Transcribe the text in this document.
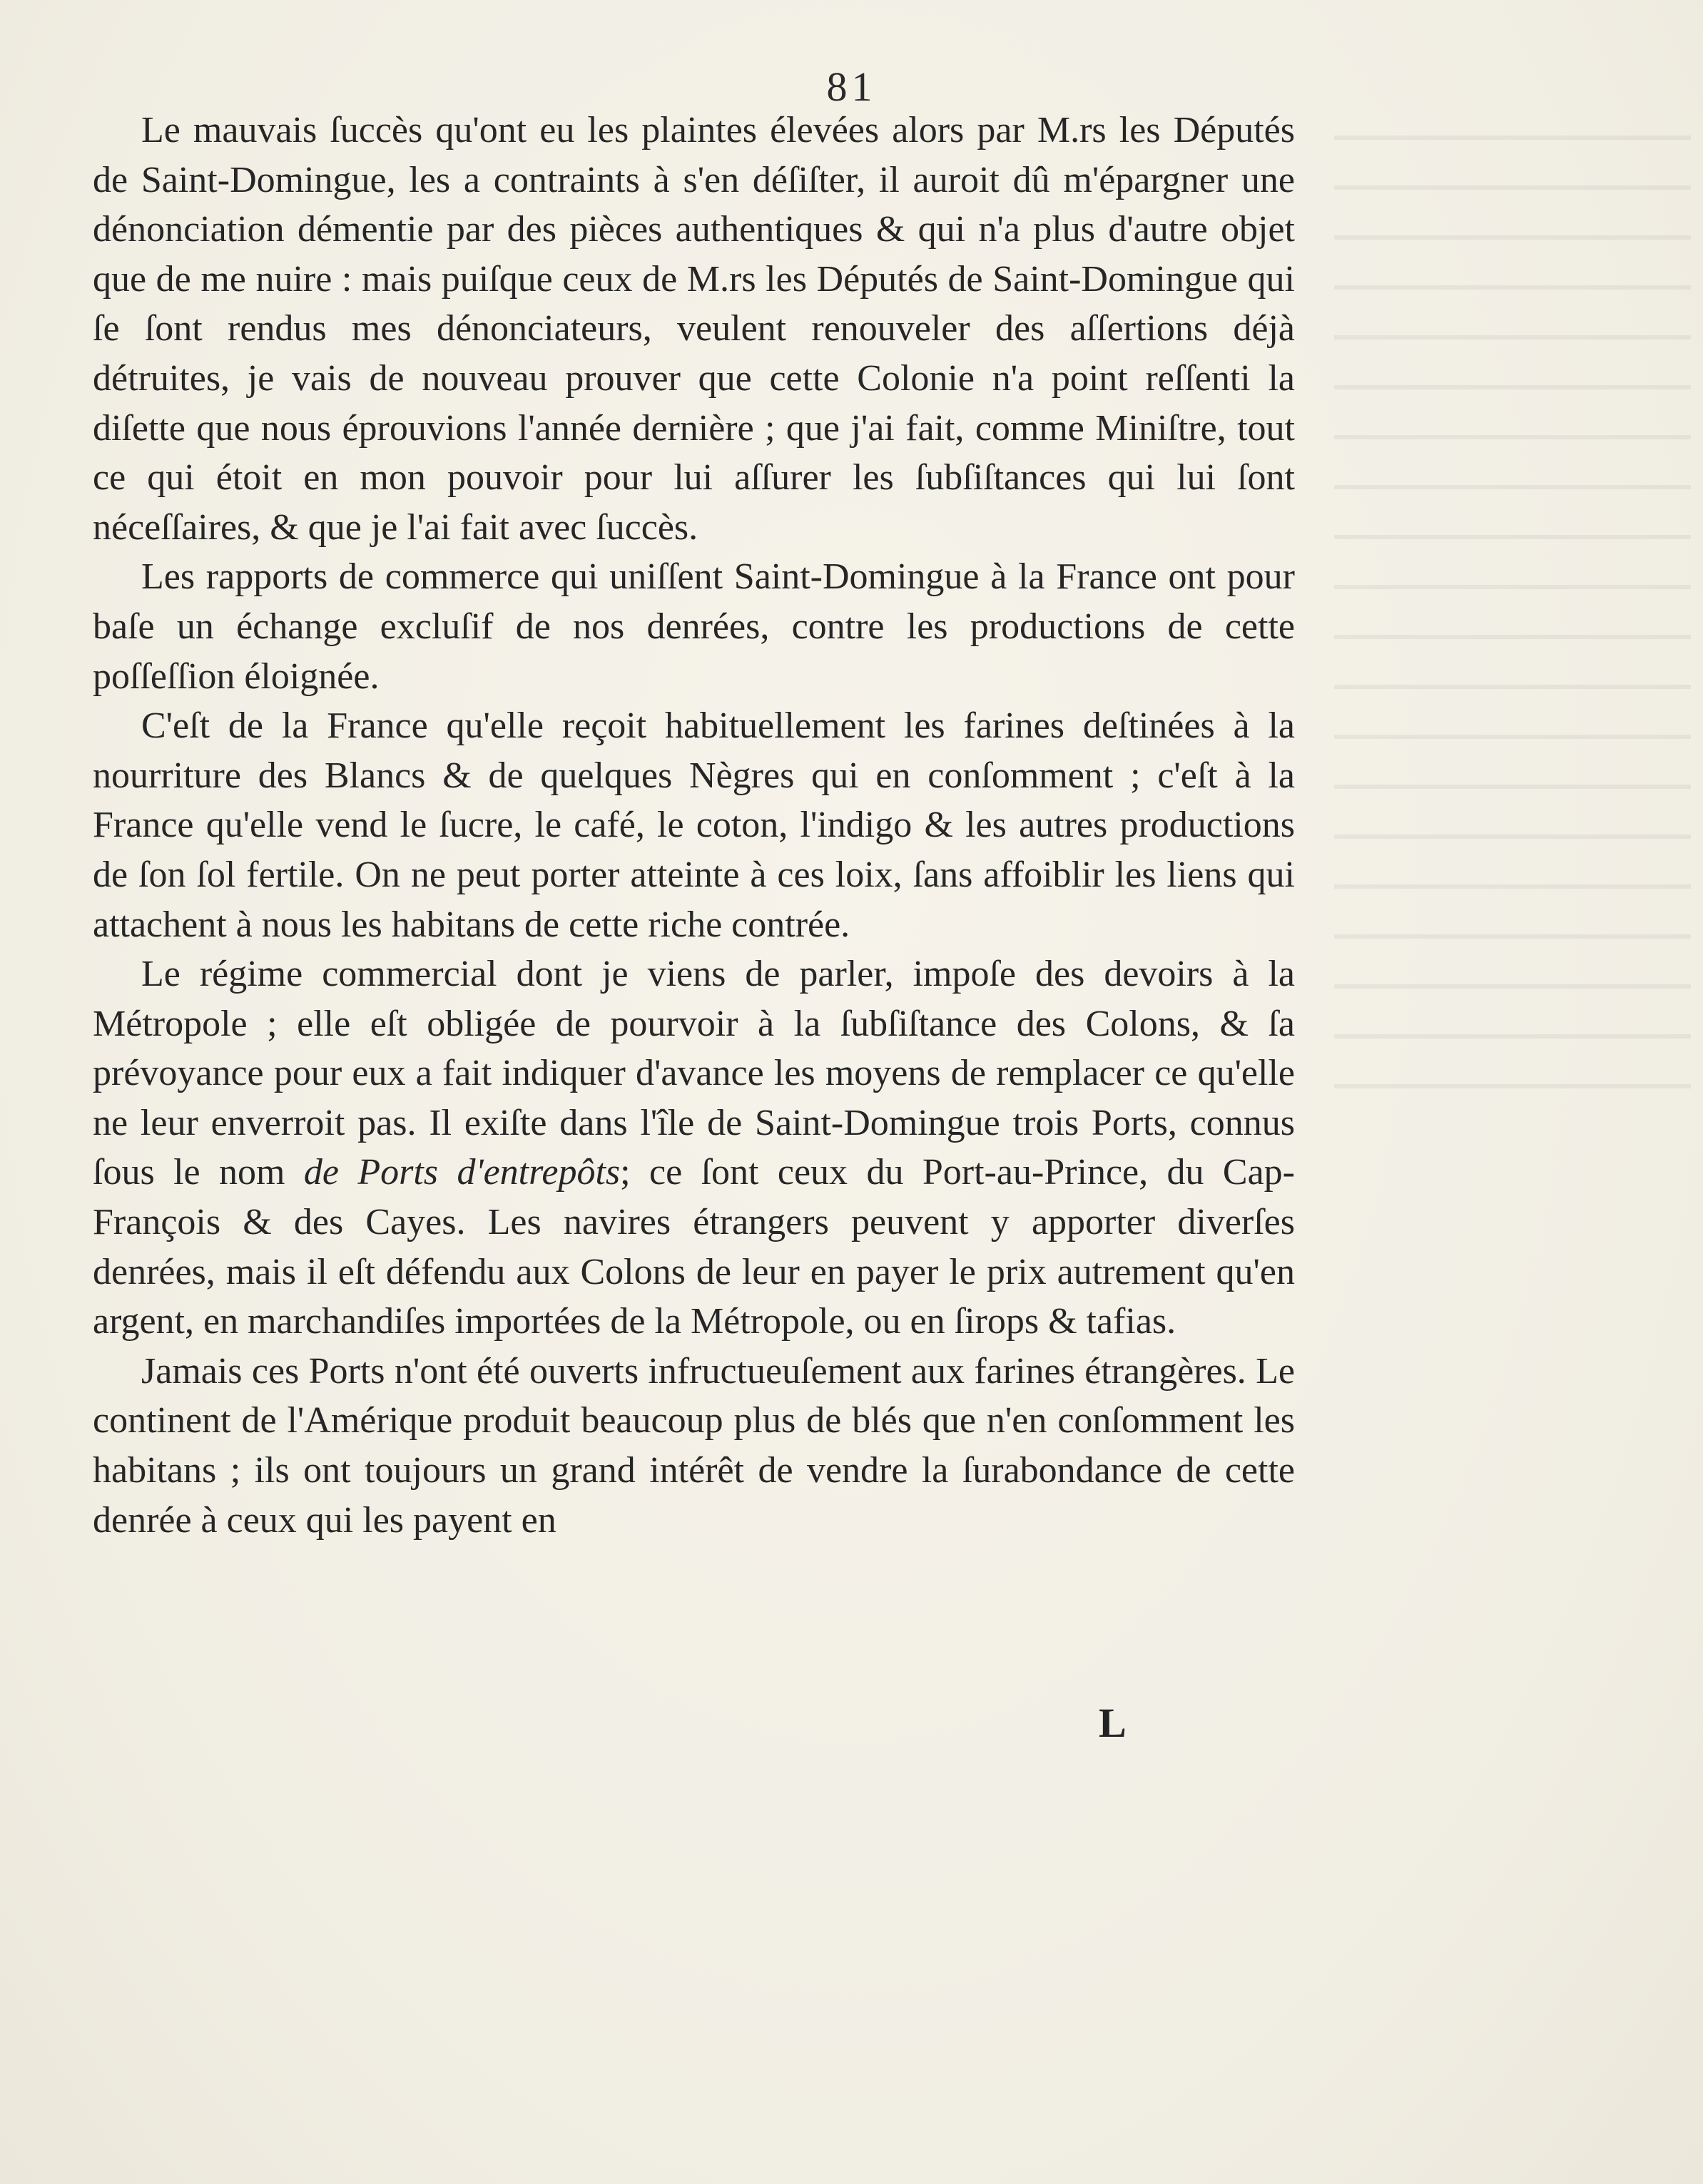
81

Le mauvais ſuccès qu'ont eu les plaintes élevées alors par M.rs les Députés de Saint-Domingue, les a contraints à s'en déſiſter, il auroit dû m'épargner une dénonciation démentie par des pièces authentiques & qui n'a plus d'autre objet que de me nuire : mais puiſque ceux de M.rs les Députés de Saint-Domingue qui ſe ſont rendus mes dénonciateurs, veulent renouveler des aſſertions déjà détruites, je vais de nouveau prouver que cette Colonie n'a point reſſenti la diſette que nous éprouvions l'année dernière ; que j'ai fait, comme Miniſtre, tout ce qui étoit en mon pouvoir pour lui aſſurer les ſubſiſtances qui lui ſont néceſſaires, & que je l'ai fait avec ſuccès.

Les rapports de commerce qui uniſſent Saint-Domingue à la France ont pour baſe un échange excluſif de nos denrées, contre les productions de cette poſſeſſion éloignée.

C'eſt de la France qu'elle reçoit habituellement les farines deſtinées à la nourriture des Blancs & de quelques Nègres qui en conſomment ; c'eſt à la France qu'elle vend le ſucre, le café, le coton, l'indigo & les autres productions de ſon ſol fertile. On ne peut porter atteinte à ces loix, ſans affoiblir les liens qui attachent à nous les habitans de cette riche contrée.

Le régime commercial dont je viens de parler, impoſe des devoirs à la Métropole ; elle eſt obligée de pourvoir à la ſubſiſtance des Colons, & ſa prévoyance pour eux a fait indiquer d'avance les moyens de remplacer ce qu'elle ne leur enverroit pas. Il exiſte dans l'île de Saint-Domingue trois Ports, connus ſous le nom de Ports d'entrepôts; ce ſont ceux du Port-au-Prince, du Cap-François & des Cayes. Les navires étrangers peuvent y apporter diverſes denrées, mais il eſt défendu aux Colons de leur en payer le prix autrement qu'en argent, en marchandiſes importées de la Métropole, ou en ſirops & tafias.

Jamais ces Ports n'ont été ouverts infructueuſement aux farines étrangères. Le continent de l'Amérique produit beaucoup plus de blés que n'en conſomment les habitans ; ils ont toujours un grand intérêt de vendre la ſurabondance de cette denrée à ceux qui les payent en

L
